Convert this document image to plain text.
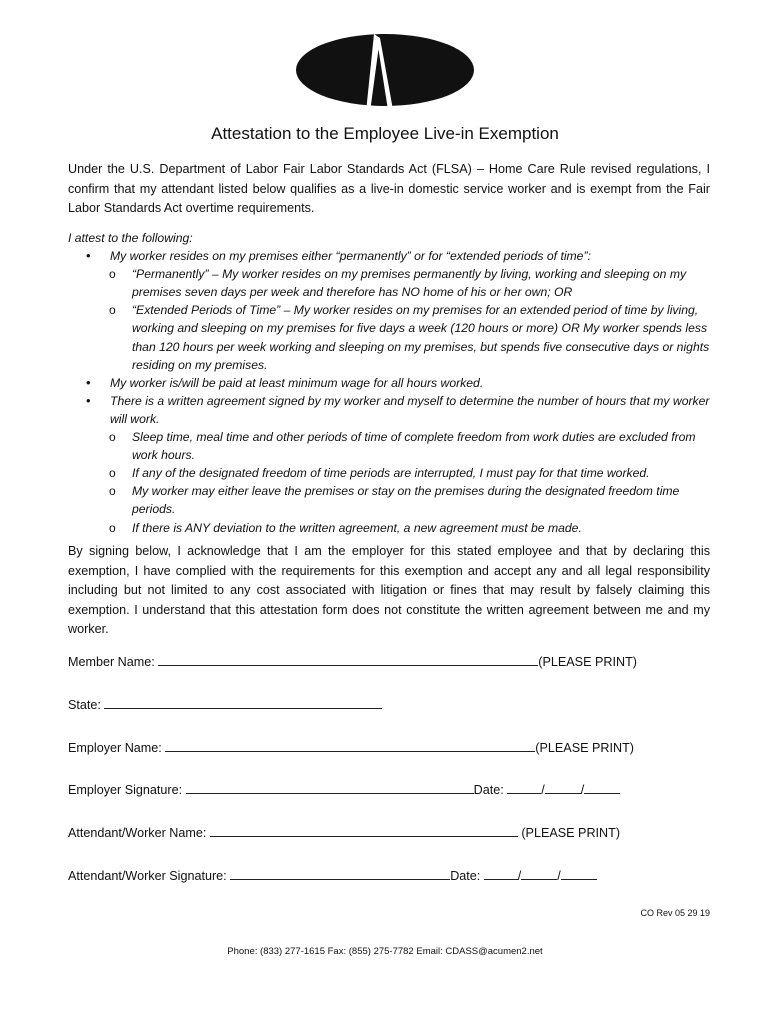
Attestation to the Employee Live-in Exemption
Under the U.S. Department of Labor Fair Labor Standards Act (FLSA) – Home Care Rule revised regulations, I confirm that my attendant listed below qualifies as a live-in domestic service worker and is exempt from the Fair Labor Standards Act overtime requirements.
I attest to the following:
• My worker resides on my premises either “permanently” or for “extended periods of time”:
o “Permanently” – My worker resides on my premises permanently by living, working and sleeping on my premises seven days per week and therefore has NO home of his or her own; OR
o “Extended Periods of Time” – My worker resides on my premises for an extended period of time by living, working and sleeping on my premises for five days a week (120 hours or more) OR My worker spends less than 120 hours per week working and sleeping on my premises, but spends five consecutive days or nights residing on my premises.
• My worker is/will be paid at least minimum wage for all hours worked.
• There is a written agreement signed by my worker and myself to determine the number of hours that my worker will work.
o Sleep time, meal time and other periods of time of complete freedom from work duties are excluded from work hours.
o If any of the designated freedom of time periods are interrupted, I must pay for that time worked.
o My worker may either leave the premises or stay on the premises during the designated freedom time periods.
o If there is ANY deviation to the written agreement, a new agreement must be made.
By signing below, I acknowledge that I am the employer for this stated employee and that by declaring this exemption, I have complied with the requirements for this exemption and accept any and all legal responsibility including but not limited to any cost associated with litigation or fines that may result by falsely claiming this exemption. I understand that this attestation form does not constitute the written agreement between me and my worker.
Member Name:	(PLEASE PRINT)
State:
Employer Name:	(PLEASE PRINT)
Employer Signature:	Date:	/	/
Attendant/Worker Name:	(PLEASE PRINT)
Attendant/Worker Signature:	Date:	/	/
CO Rev 05 29 19
Phone: (833) 277-1615 Fax: (855) 275-7782 Email: CDASS@acumen2.net
